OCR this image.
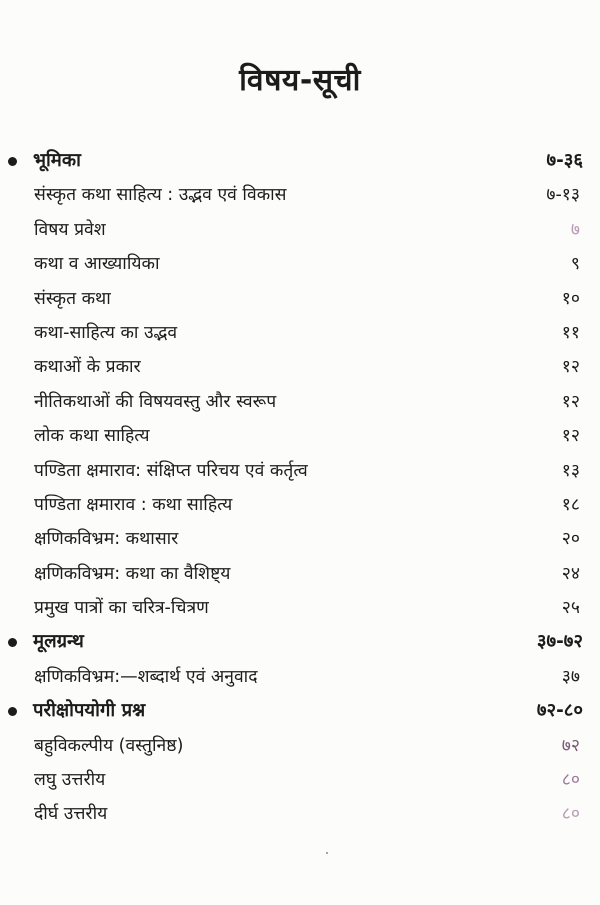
विषय-सूची
भूमिका	७-३६
संस्कृत कथा साहित्य : उद्भव एवं विकास	७-१३
विषय प्रवेश	७
कथा व आख्यायिका	९
संस्कृत कथा	१०
कथा-साहित्य का उद्भव	११
कथाओं के प्रकार	१२
नीतिकथाओं की विषयवस्तु और स्वरूप	१२
लोक कथा साहित्य	१२
पण्डिता क्षमाराव: संक्षिप्त परिचय एवं कर्तृत्व	१३
पण्डिता क्षमाराव : कथा साहित्य	१८
क्षणिकविभ्रम: कथासार	२०
क्षणिकविभ्रम: कथा का वैशिष्ट्य	२४
प्रमुख पात्रों का चरित्र-चित्रण	२५
मूलग्रन्थ	३७-७२
क्षणिकविभ्रम:—शब्दार्थ एवं अनुवाद	३७
परीक्षोपयोगी प्रश्न	७२-८०
बहुविकल्पीय (वस्तुनिष्ठ)	७२
लघु उत्तरीय	८०
दीर्घ उत्तरीय	८०
